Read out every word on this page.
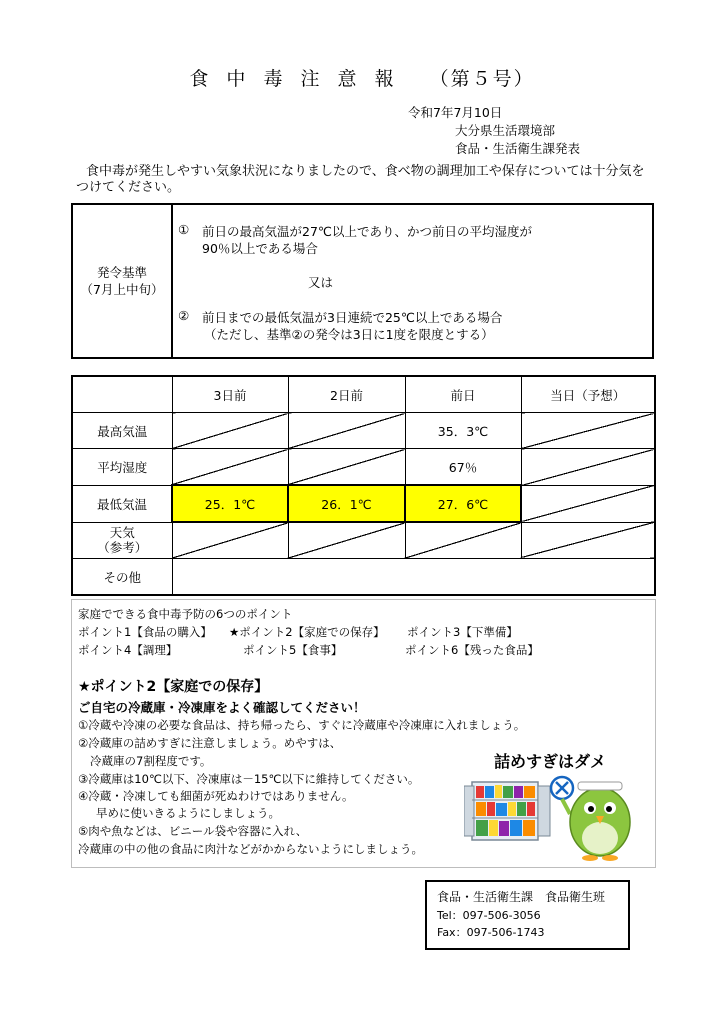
食 中 毒 注 意 報 （第５号）
令和7年7月10日
大分県生活環境部
食品・生活衛生課発表
食中毒が発生しやすい気象状況になりましたので、食べ物の調理加工や保存については十分気をつけてください。
発令基準
（7月上中旬）

① 前日の最高気温が27℃以上であり、かつ前日の平均湿度が
90％以上である場合
又は
② 前日までの最低気温が3日連続で25℃以上である場合
（ただし、基準②の発令は3日に1度を限度とする）
	3日前	2日前	前日	当日（予想）
最高気温			35．3℃	
平均湿度			67％	
最低気温	25．1℃	26．1℃	27．6℃	

天気
（参考）				

その他				
家庭でできる食中毒予防の6つのポイント
ポイント1【食品の購入】 ★ポイント2【家庭での保存】 ポイント3【下準備】
ポイント4【調理】	ポイント5【食事】	ポイント6【残った食品】
★ポイント2【家庭での保存】
ご自宅の冷蔵庫・冷凍庫をよく確認してください！
①冷蔵や冷凍の必要な食品は、持ち帰ったら、すぐに冷蔵庫や冷凍庫に入れましょう。
②冷蔵庫の詰めすぎに注意しましょう。めやすは、
冷蔵庫の7割程度です。
③冷蔵庫は10℃以下、冷凍庫は－15℃以下に維持してください。
④冷蔵・冷凍しても細菌が死ぬわけではありません。
早めに使いきるようにしましょう。
⑤肉や魚などは、ビニール袋や容器に入れ、
冷蔵庫の中の他の食品に肉汁などがかからないようにしましょう。
詰めすぎはダメ
食品・生活衛生課　食品衛生班
Tel：097-506-3056
Fax：097-506-1743
